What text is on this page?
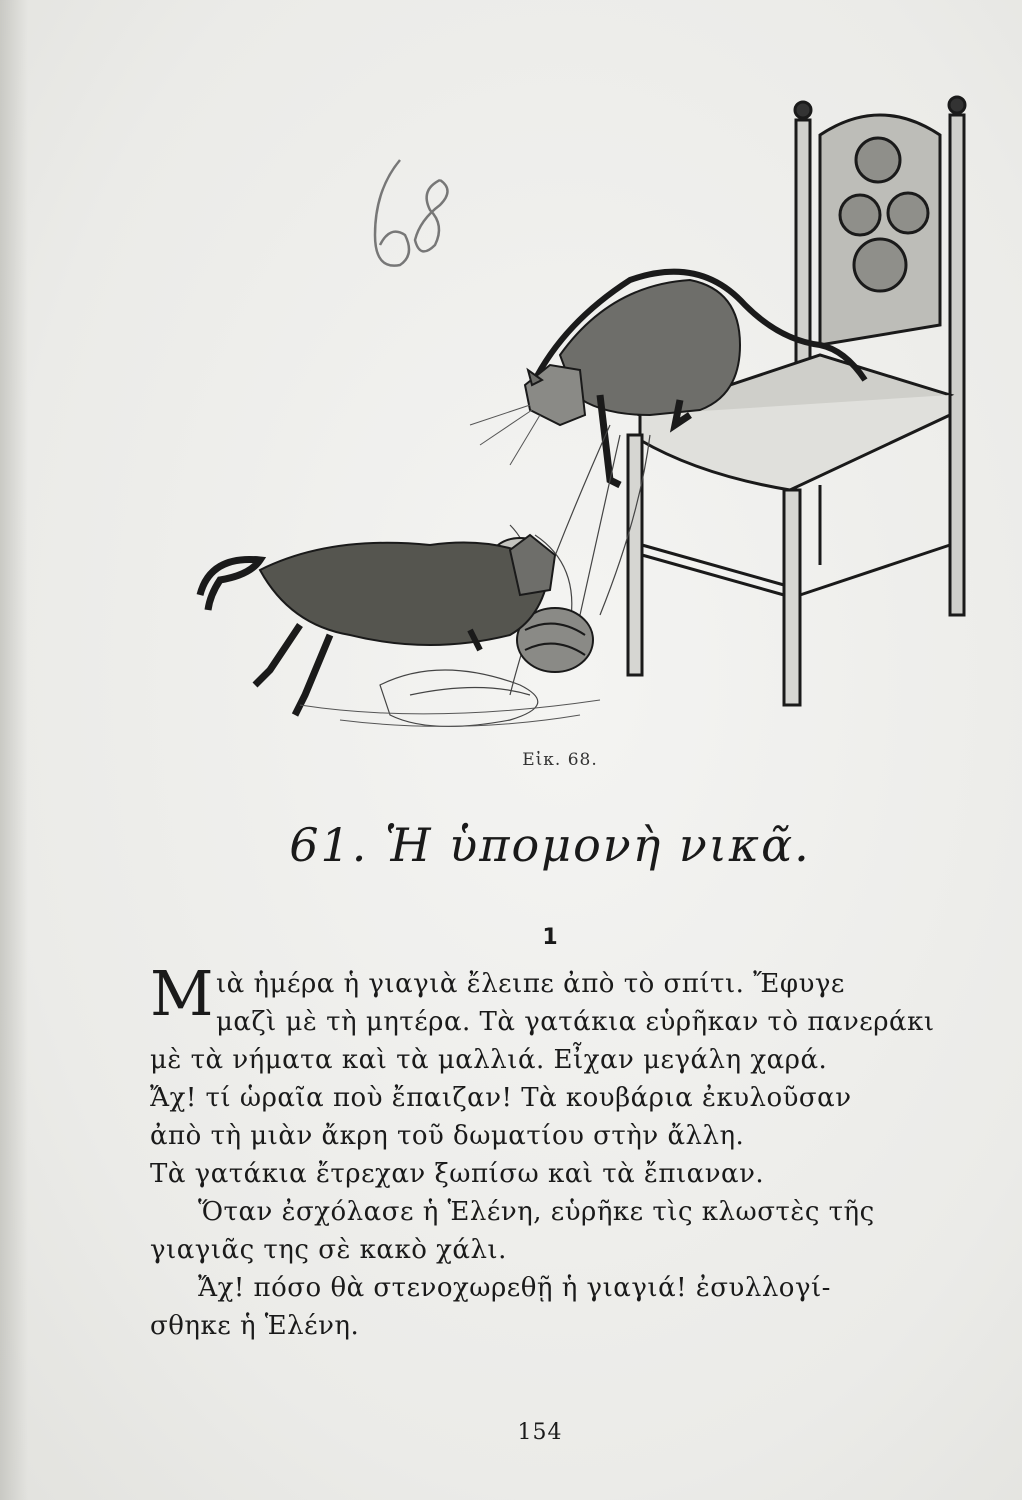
Εἰκ. 68.
61. Ἡ ὑπομονὴ νικᾶ.
1
Μιὰ ἡμέρα ἡ γιαγιὰ ἔλειπε ἀπὸ τὸ σπίτι. Ἔφυγε
μαζὶ μὲ τὴ μητέρα. Τὰ γατάκια εὑρῆκαν τὸ πανεράκι
μὲ τὰ νήματα καὶ τὰ μαλλιά. Εἶχαν μεγάλη χαρά.
Ἄχ! τί ὡραῖα ποὺ ἔπαιζαν! Τὰ κουβάρια ἐκυλοῦσαν
ἀπὸ τὴ μιὰν ἄκρη τοῦ δωματίου στὴν ἄλλη.
Τὰ γατάκια ἔτρεχαν ξωπίσω καὶ τὰ ἔπιαναν.
Ὅταν ἐσχόλασε ἡ Ἑλένη, εὑρῆκε τὶς κλωστὲς τῆς
γιαγιᾶς της σὲ κακὸ χάλι.
Ἄχ! πόσο θὰ στενοχωρεθῇ ἡ γιαγιά! ἐσυλλογί-
σθηκε ἡ Ἑλένη.
154
